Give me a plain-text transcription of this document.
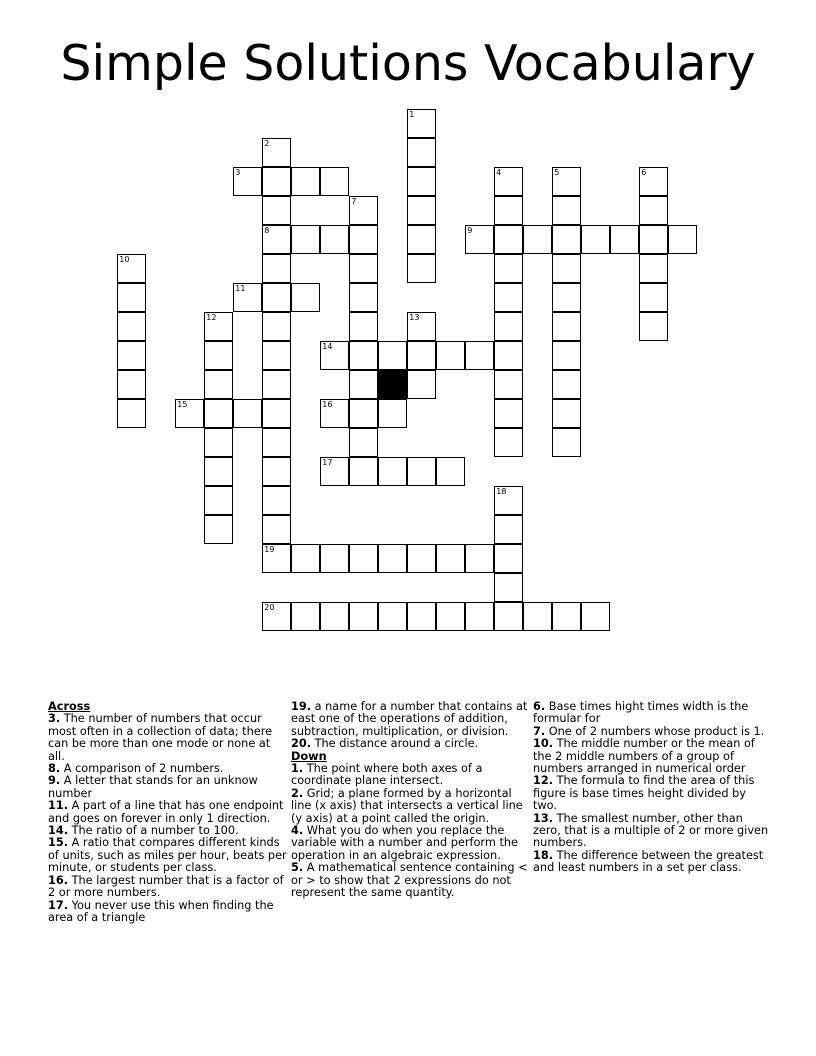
Simple Solutions Vocabulary
1
2
8
19
3	4	5	6
7
9
10
11
12	13
14
15	16
17
18
20
Across
3. The number of numbers that occur most often in a collection of data; there can be more than one mode or none at all.
8. A comparison of 2 numbers.
9. A letter that stands for an unknow number
11. A part of a line that has one endpoint and goes on forever in only 1 direction.
14. The ratio of a number to 100.
15. A ratio that compares different kinds of units, such as miles per hour, beats per minute, or students per class.
16. The largest number that is a factor of 2 or more numbers.
17. You never use this when finding the area of a triangle
19. a name for a number that contains at east one of the operations of addition, subtraction, multiplication, or division.
20. The distance around a circle.
Down
1. The point where both axes of a coordinate plane intersect.
2. Grid; a plane formed by a horizontal line (x axis) that intersects a vertical line (y axis) at a point called the origin.
4. What you do when you replace the variable with a number and perform the operation in an algebraic expression.
5. A mathematical sentence containing < or > to show that 2 expressions do not represent the same quantity.
6. Base times hight times width is the formular for
7. One of 2 numbers whose product is 1.
10. The middle number or the mean of the 2 middle numbers of a group of numbers arranged in numerical order
12. The formula to find the area of this figure is base times height divided by two.
13. The smallest number, other than zero, that is a multiple of 2 or more given numbers.
18. The difference between the greatest and least numbers in a set per class.
